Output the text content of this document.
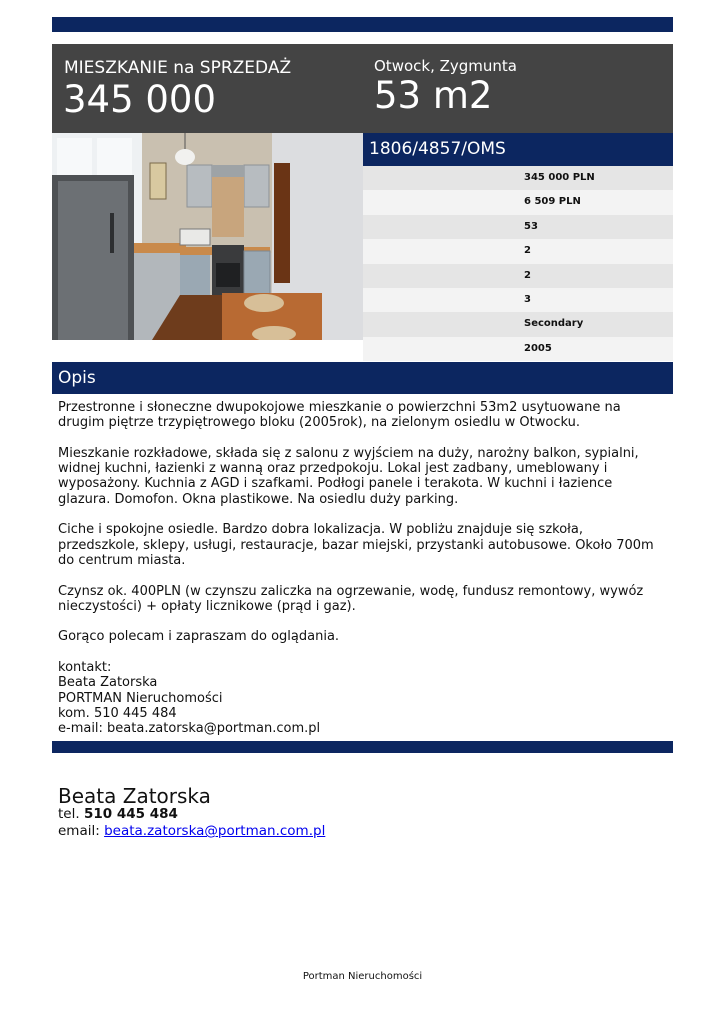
MIESZKANIE na SPRZEDAŻ
345 000
Otwock, Zygmunta
53 m2
1806/4857/OMS
345 000 PLN
6 509 PLN
53
2
2
3
Secondary
2005
Opis

Przestronne i słoneczne dwupokojowe mieszkanie o powierzchni 53m2 usytuowane na drugim piętrze trzypiętrowego bloku (2005rok), na zielonym osiedlu w Otwocku.

Mieszkanie rozkładowe, składa się z salonu z wyjściem na duży, narożny balkon, sypialni, widnej kuchni, łazienki z wanną oraz przedpokoju. Lokal jest zadbany, umeblowany i wyposażony. Kuchnia z AGD i szafkami. Podłogi panele i terakota. W kuchni i łazience glazura. Domofon. Okna plastikowe. Na osiedlu duży parking.

Ciche i spokojne osiedle. Bardzo dobra lokalizacja. W pobliżu znajduje się szkoła, przedszkole, sklepy, usługi, restauracje, bazar miejski, przystanki autobusowe. Około 700m do centrum miasta.

Czynsz ok. 400PLN (w czynszu zaliczka na ogrzewanie, wodę, fundusz remontowy, wywóz nieczystości) + opłaty licznikowe (prąd i gaz).

Gorąco polecam i zapraszam do oglądania.

kontakt:
Beata Zatorska
PORTMAN Nieruchomości
kom. 510 445 484
e-mail: beata.zatorska@portman.com.pl
Beata Zatorska
tel. 510 445 484
email: beata.zatorska@portman.com.pl
Portman Nieruchomości
